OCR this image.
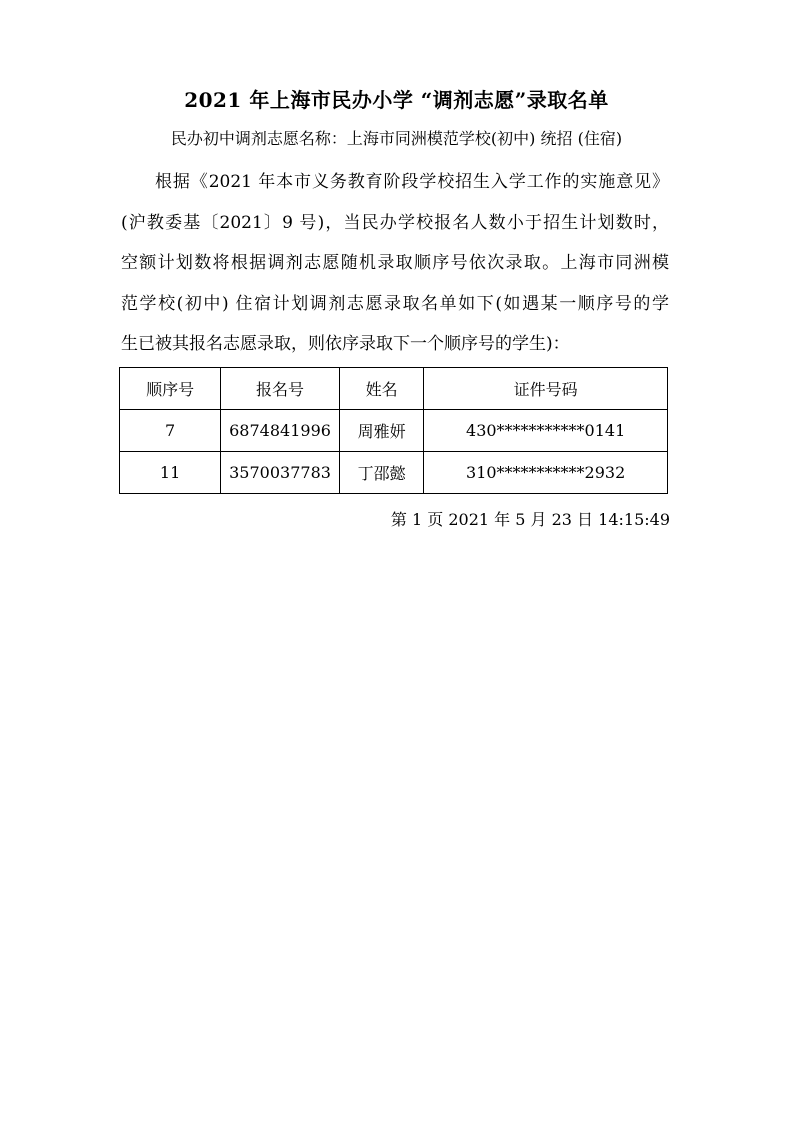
2021 年上海市民办小学 “调剂志愿”录取名单
民办初中调剂志愿名称：上海市同洲模范学校(初中) 统招 (住宿)
根据《2021 年本市义务教育阶段学校招生入学工作的实施意见》
(沪教委基〔2021〕9 号)，当民办学校报名人数小于招生计划数时，
空额计划数将根据调剂志愿随机录取顺序号依次录取。上海市同洲模
范学校(初中) 住宿计划调剂志愿录取名单如下(如遇某一顺序号的学
生已被其报名志愿录取，则依序录取下一个顺序号的学生)：
顺序号	报名号	姓名	证件号码
7	6874841996	周雅妍	430***********0141
11	3570037783	丁邵懿	310***********2932
第 1 页 2021 年 5 月 23 日 14:15:49
